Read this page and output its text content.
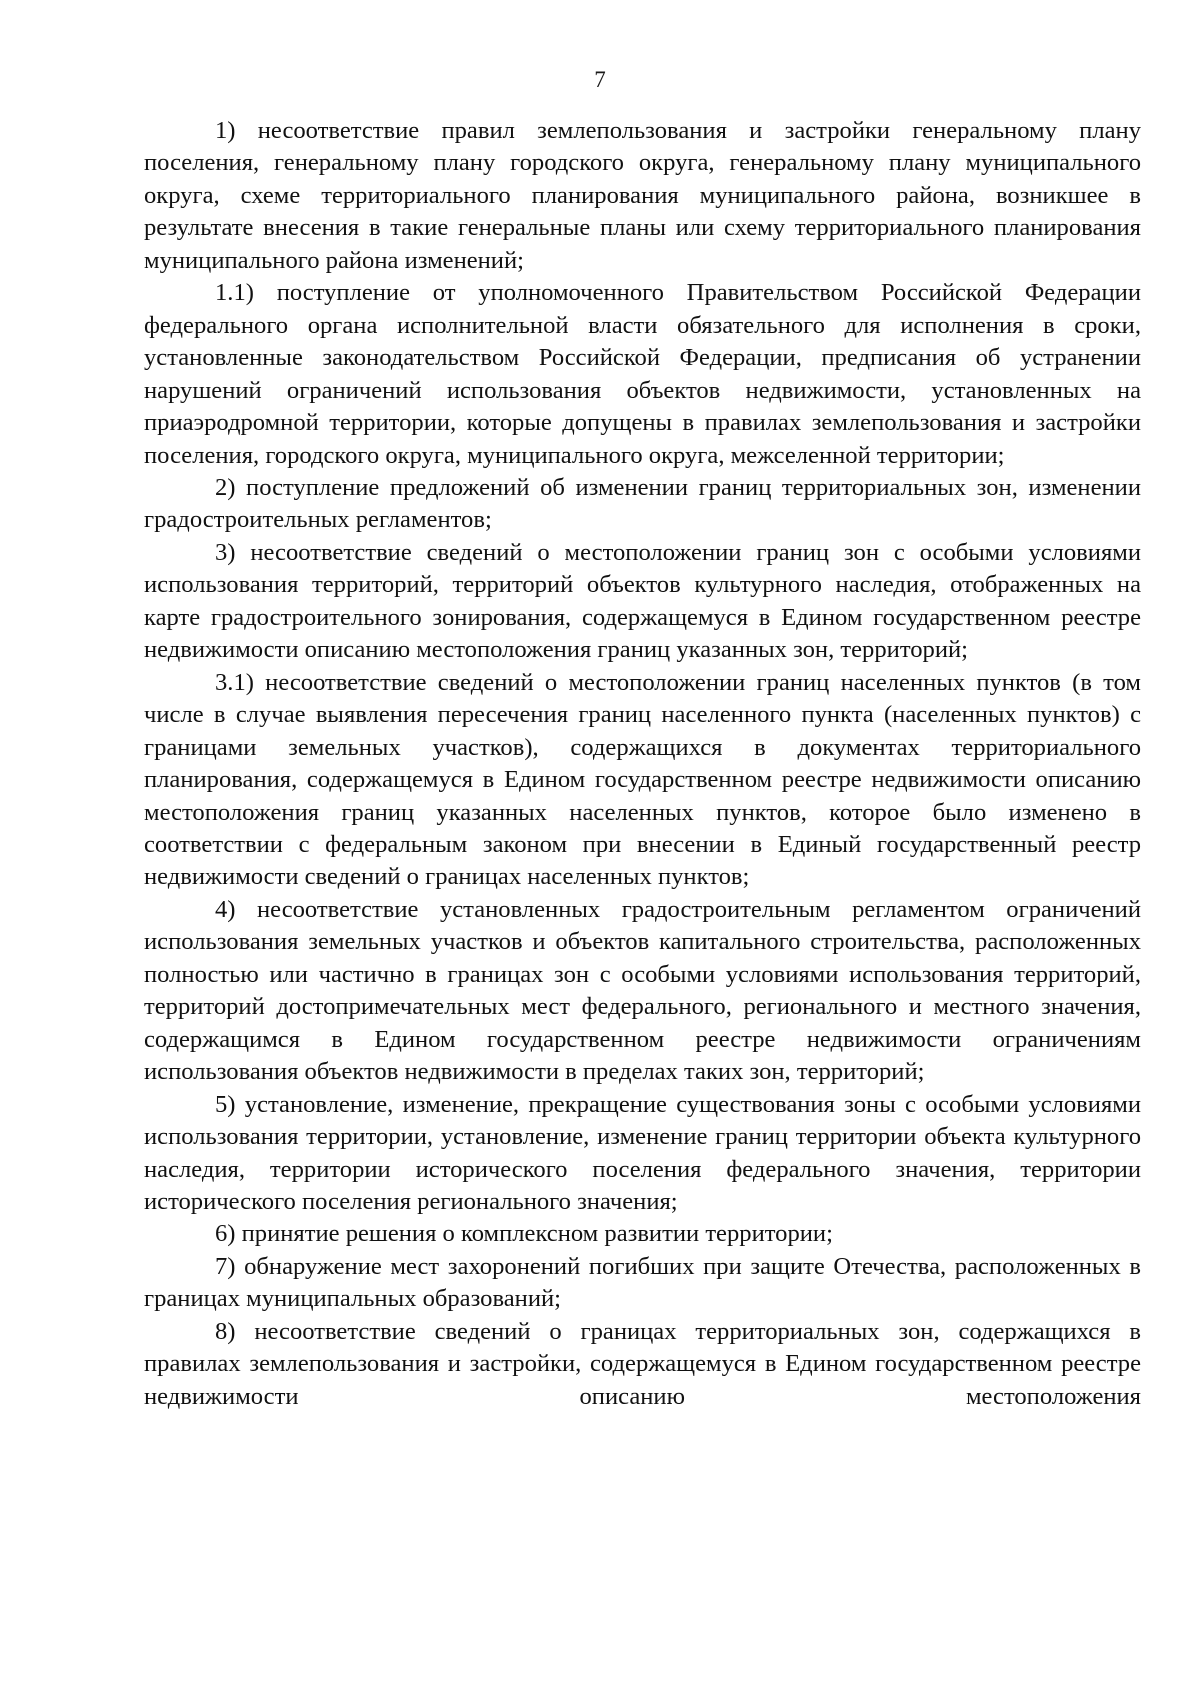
7

1) несоответствие правил землепользования и застройки генеральному плану поселения, генеральному плану городского округа, генеральному плану муниципального округа, схеме территориального планирования муниципального района, возникшее в результате внесения в такие генеральные планы или схему территориального планирования муниципального района изменений;

1.1) поступление от уполномоченного Правительством Российской Федерации федерального органа исполнительной власти обязательного для исполнения в сроки, установленные законодательством Российской Федерации, предписания об устранении нарушений ограничений использования объектов недвижимости, установленных на приаэродромной территории, которые допущены в правилах землепользования и застройки поселения, городского округа, муниципального округа, межселенной территории;

2) поступление предложений об изменении границ территориальных зон, изменении градостроительных регламентов;

3) несоответствие сведений о местоположении границ зон с особыми условиями использования территорий, территорий объектов культурного наследия, отображенных на карте градостроительного зонирования, содержащемуся в Едином государственном реестре недвижимости описанию местоположения границ указанных зон, территорий;

3.1) несоответствие сведений о местоположении границ населенных пунктов (в том числе в случае выявления пересечения границ населенного пункта (населенных пунктов) с границами земельных участков), содержащихся в документах территориального планирования, содержащемуся в Едином государственном реестре недвижимости описанию местоположения границ указанных населенных пунктов, которое было изменено в соответствии с федеральным законом при внесении в Единый государственный реестр недвижимости сведений о границах населенных пунктов;

4) несоответствие установленных градостроительным регламентом ограничений использования земельных участков и объектов капитального строительства, расположенных полностью или частично в границах зон с особыми условиями использования территорий, территорий достопримечательных мест федерального, регионального и местного значения, содержащимся в Едином государственном реестре недвижимости ограничениям использования объектов недвижимости в пределах таких зон, территорий;

5) установление, изменение, прекращение существования зоны с особыми условиями использования территории, установление, изменение границ территории объекта культурного наследия, территории исторического поселения федерального значения, территории исторического поселения регионального значения;

6) принятие решения о комплексном развитии территории;

7) обнаружение мест захоронений погибших при защите Отечества, расположенных в границах муниципальных образований;

8) несоответствие сведений о границах территориальных зон, содержащихся в правилах землепользования и застройки, содержащемуся в Едином государственном реестре недвижимости описанию местоположения
